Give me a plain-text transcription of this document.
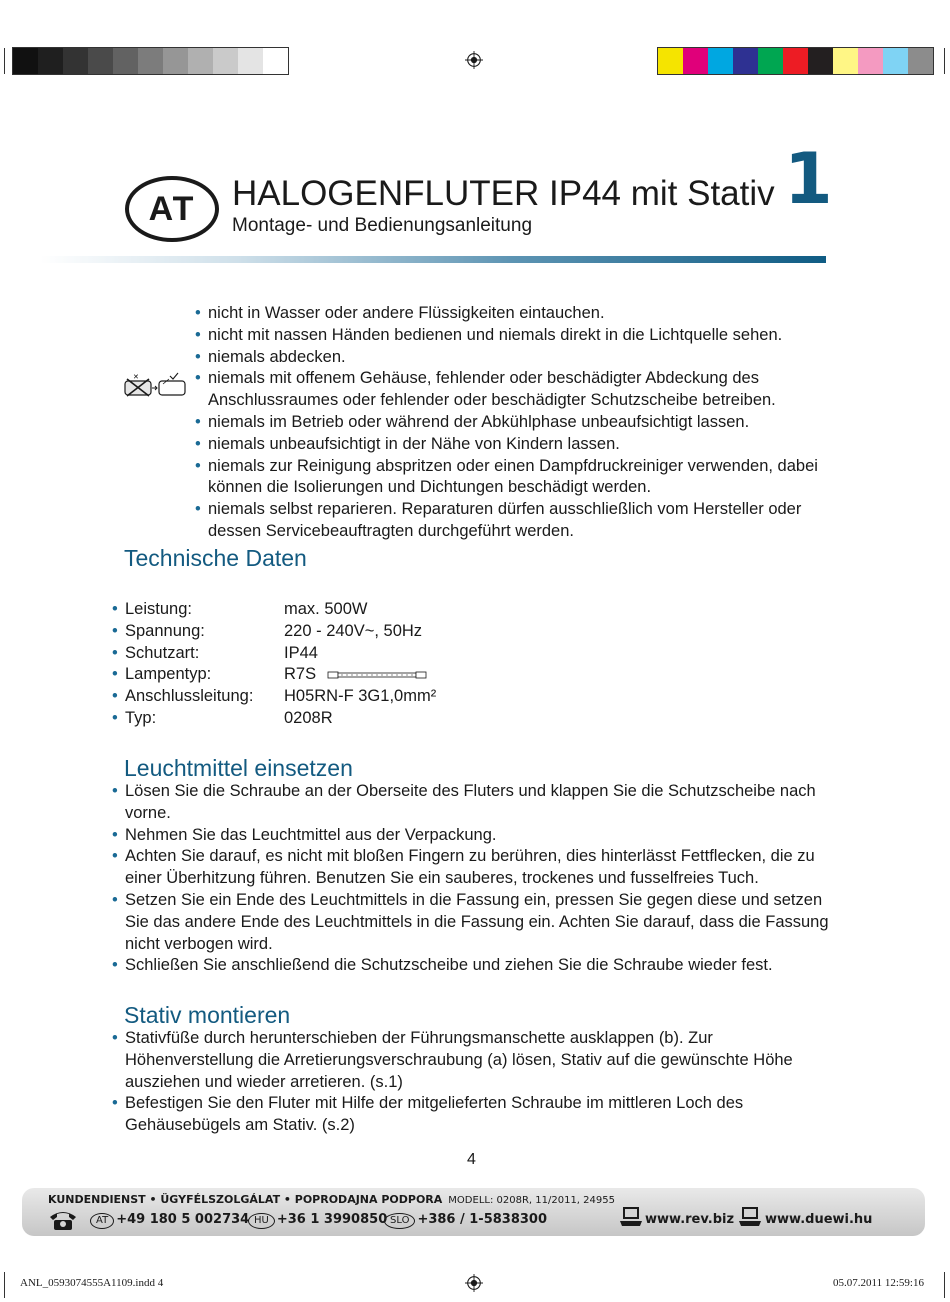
AT	HALOGENFLUTER IP44 mit Stativ
Montage- und Bedienungsanleitung
1
✕
• nicht in Wasser oder andere Flüssigkeiten eintauchen.
• nicht mit nassen Händen bedienen und niemals direkt in die Lichtquelle sehen.
• niemals abdecken.
• niemals mit offenem Gehäuse, fehlender oder beschädigter Abdeckung des Anschlussraumes oder fehlender oder beschädigter Schutzscheibe betreiben.
• niemals im Betrieb oder während der Abkühlphase unbeaufsichtigt lassen.
• niemals unbeaufsichtigt in der Nähe von Kindern lassen.
• niemals zur Reinigung abspritzen oder einen Dampfdruckreiniger verwenden, dabei können die Isolierungen und Dichtungen beschädigt werden.
• niemals selbst reparieren. Reparaturen dürfen ausschließlich vom Hersteller oder dessen Servicebeauftragten durchgeführt werden.
Technische Daten
• Leistung:	max. 500W
• Spannung:	220 - 240V~, 50Hz
• Schutzart:	IP44
• Lampentyp:	R7S
• Anschlussleitung:	H05RN-F 3G1,0mm²
• Typ:	0208R
Leuchtmittel einsetzen
• Lösen Sie die Schraube an der Oberseite des Fluters und klappen Sie die Schutzscheibe nach vorne.
• Nehmen Sie das Leuchtmittel aus der Verpackung.
• Achten Sie darauf, es nicht mit bloßen Fingern zu berühren, dies hinterlässt Fettflecken, die zu einer Überhitzung führen. Benutzen Sie ein sauberes, trockenes und fusselfreies Tuch.
• Setzen Sie ein Ende des Leuchtmittels in die Fassung ein, pressen Sie gegen diese und setzen Sie das andere Ende des Leuchtmittels in die Fassung ein. Achten Sie darauf, dass die Fassung nicht verbogen wird.
• Schließen Sie anschließend die Schutzscheibe und ziehen Sie die Schraube wieder fest.
Stativ montieren
• Stativfüße durch herunterschieben der Führungsmanschette ausklappen (b). Zur Höhenverstellung die Arretierungsverschraubung (a) lösen, Stativ auf die gewünschte Höhe ausziehen und wieder arretieren. (s.1)
• Befestigen Sie den Fluter mit Hilfe der mitgelieferten Schraube im mittleren Loch des Gehäusebügels am Stativ. (s.2)
4
KUNDENDIENST • ÜGYFÉLSZOLGÁLAT • POPRODAJNA PODPORA MODELL: 0208R, 11/2011, 24955
AT +49 180 5 002734 HU +36 1 3990850 SLO +386 / 1-5838300	www.rev.biz www.duewi.hu
ANL_0593074555A1109.indd 4	05.07.2011 12:59:16
